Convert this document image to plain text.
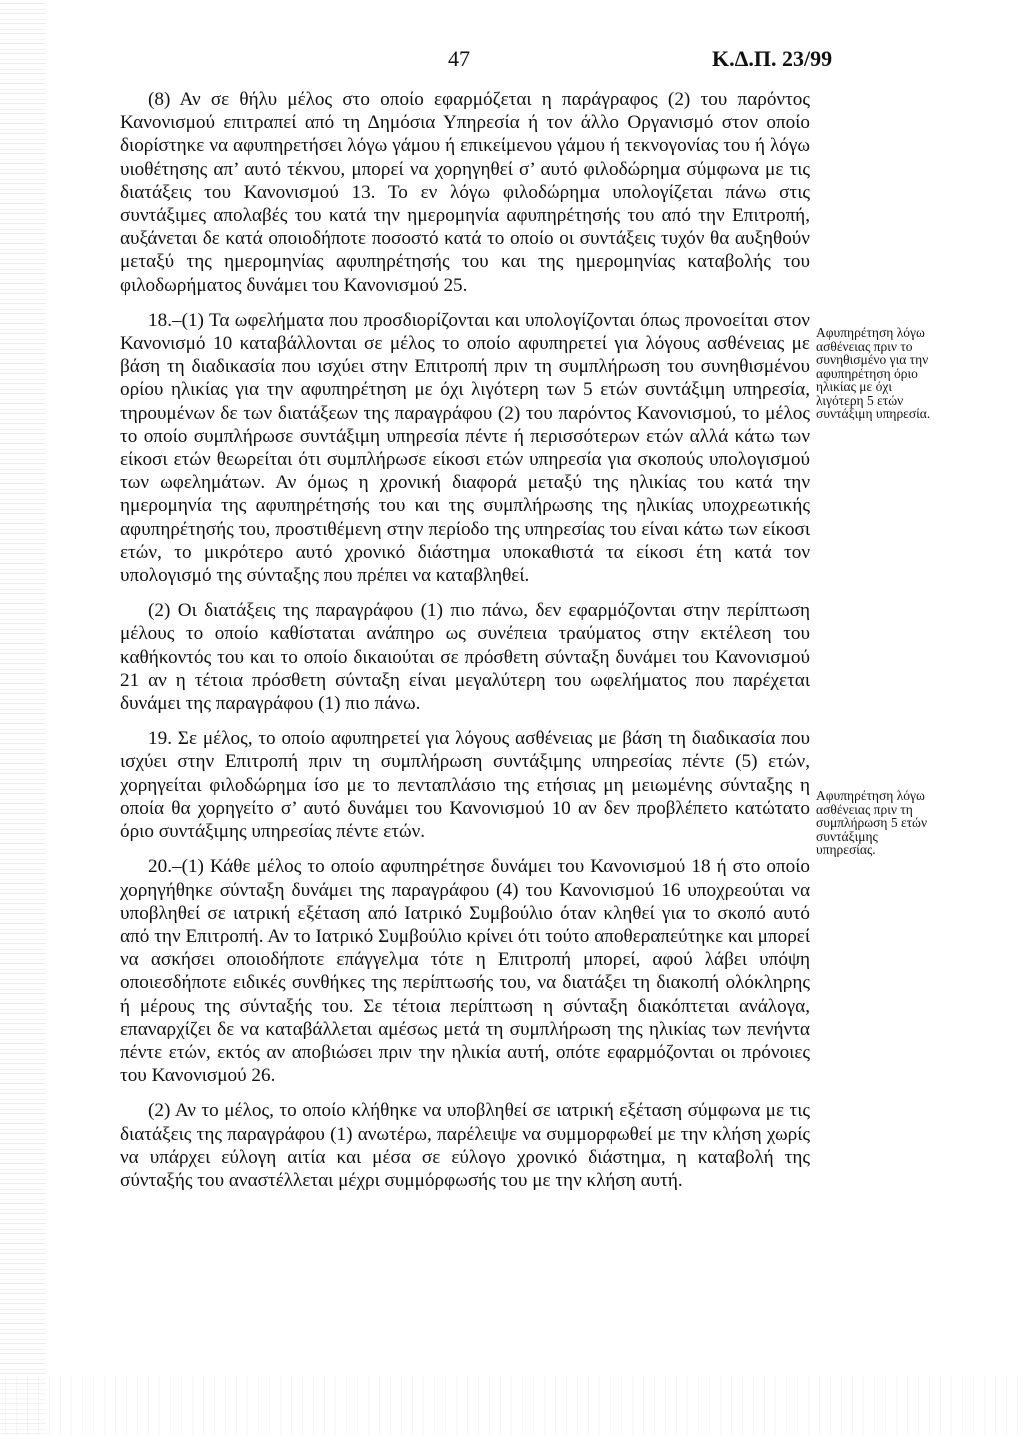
47	Κ.Δ.Π. 23/99

(8) Αν σε θήλυ μέλος στο οποίο εφαρμόζεται η παράγραφος (2) του παρόντος Κανονισμού επιτραπεί από τη Δημόσια Υπηρεσία ή τον άλλο Οργανισμό στον οποίο διορίστηκε να αφυπηρετήσει λόγω γάμου ή επικείμενου γάμου ή τεκνογονίας του ή λόγω υιοθέτησης απ’ αυτό τέκνου, μπορεί να χορηγηθεί σ’ αυτό φιλοδώρημα σύμφωνα με τις διατάξεις του Κανονισμού 13. Το εν λόγω φιλοδώρημα υπολογίζεται πάνω στις συντάξιμες απολαβές του κατά την ημερομηνία αφυπηρέτησής του από την Επιτροπή, αυξάνεται δε κατά οποιοδήποτε ποσοστό κατά το οποίο οι συντάξεις τυχόν θα αυξηθούν μεταξύ της ημερομηνίας αφυπηρέτησής του και της ημερομηνίας καταβολής του φιλοδωρήματος δυνάμει του Κανονισμού 25.

18.–(1) Τα ωφελήματα που προσδιορίζονται και υπολογίζονται όπως προνοείται στον Κανονισμό 10 καταβάλλονται σε μέλος το οποίο αφυπηρετεί για λόγους ασθένειας με βάση τη διαδικασία που ισχύει στην Επιτροπή πριν τη συμπλήρωση του συνηθισμένου ορίου ηλικίας για την αφυπηρέτηση με όχι λιγότερη των 5 ετών συντάξιμη υπηρεσία, τηρουμένων δε των διατάξεων της παραγράφου (2) του παρόντος Κανονισμού, το μέλος το οποίο συμπλήρωσε συντάξιμη υπηρεσία πέντε ή περισσότερων ετών αλλά κάτω των είκοσι ετών θεωρείται ότι συμπλήρωσε είκοσι ετών υπηρεσία για σκοπούς υπολογισμού των ωφελημάτων. Αν όμως η χρονική διαφορά μεταξύ της ηλικίας του κατά την ημερομηνία της αφυπηρέτησής του και της συμπλήρωσης της ηλικίας υποχρεωτικής αφυπηρέτησής του, προστιθέμενη στην περίοδο της υπηρεσίας του είναι κάτω των είκοσι ετών, το μικρότερο αυτό χρονικό διάστημα υποκαθιστά τα είκοσι έτη κατά τον υπολογισμό της σύνταξης που πρέπει να καταβληθεί.

(2) Οι διατάξεις της παραγράφου (1) πιο πάνω, δεν εφαρμόζονται στην περίπτωση μέλους το οποίο καθίσταται ανάπηρο ως συνέπεια τραύματος στην εκτέλεση του καθήκοντός του και το οποίο δικαιούται σε πρόσθετη σύνταξη δυνάμει του Κανονισμού 21 αν η τέτοια πρόσθετη σύνταξη είναι μεγαλύτερη του ωφελήματος που παρέχεται δυνάμει της παραγράφου (1) πιο πάνω.

19. Σε μέλος, το οποίο αφυπηρετεί για λόγους ασθένειας με βάση τη διαδικασία που ισχύει στην Επιτροπή πριν τη συμπλήρωση συντάξιμης υπηρεσίας πέντε (5) ετών, χορηγείται φιλοδώρημα ίσο με το πενταπλάσιο της ετήσιας μη μειωμένης σύνταξης η οποία θα χορηγείτο σ’ αυτό δυνάμει του Κανονισμού 10 αν δεν προβλέπετο κατώτατο όριο συντάξιμης υπηρεσίας πέντε ετών.

20.–(1) Κάθε μέλος το οποίο αφυπηρέτησε δυνάμει του Κανονισμού 18 ή στο οποίο χορηγήθηκε σύνταξη δυνάμει της παραγράφου (4) του Κανονισμού 16 υποχρεούται να υποβληθεί σε ιατρική εξέταση από Ιατρικό Συμβούλιο όταν κληθεί για το σκοπό αυτό από την Επιτροπή. Αν το Ιατρικό Συμβούλιο κρίνει ότι τούτο αποθεραπεύτηκε και μπορεί να ασκήσει οποιοδήποτε επάγγελμα τότε η Επιτροπή μπορεί, αφού λάβει υπόψη οποιεσδήποτε ειδικές συνθήκες της περίπτωσής του, να διατάξει τη διακοπή ολόκληρης ή μέρους της σύνταξής του. Σε τέτοια περίπτωση η σύνταξη διακόπτεται ανάλογα, επαναρχίζει δε να καταβάλλεται αμέσως μετά τη συμπλήρωση της ηλικίας των πενήντα πέντε ετών, εκτός αν αποβιώσει πριν την ηλικία αυτή, οπότε εφαρμόζονται οι πρόνοιες του Κανονισμού 26.

(2) Αν το μέλος, το οποίο κλήθηκε να υποβληθεί σε ιατρική εξέταση σύμφωνα με τις διατάξεις της παραγράφου (1) ανωτέρω, παρέλειψε να συμμορφωθεί με την κλήση χωρίς να υπάρχει εύλογη αιτία και μέσα σε εύλογο χρονικό διάστημα, η καταβολή της σύνταξής του αναστέλλεται μέχρι συμμόρφωσής του με την κλήση αυτή.

Αφυπηρέτηση λόγω ασθένειας πριν το συνηθισμένο για την αφυπηρέτηση όριο ηλικίας με όχι λιγότερη 5 ετών συντάξιμη υπηρεσία.
Αφυπηρέτηση λόγω ασθένειας πριν τη συμπλήρωση 5 ετών συντάξιμης υπηρεσίας.
